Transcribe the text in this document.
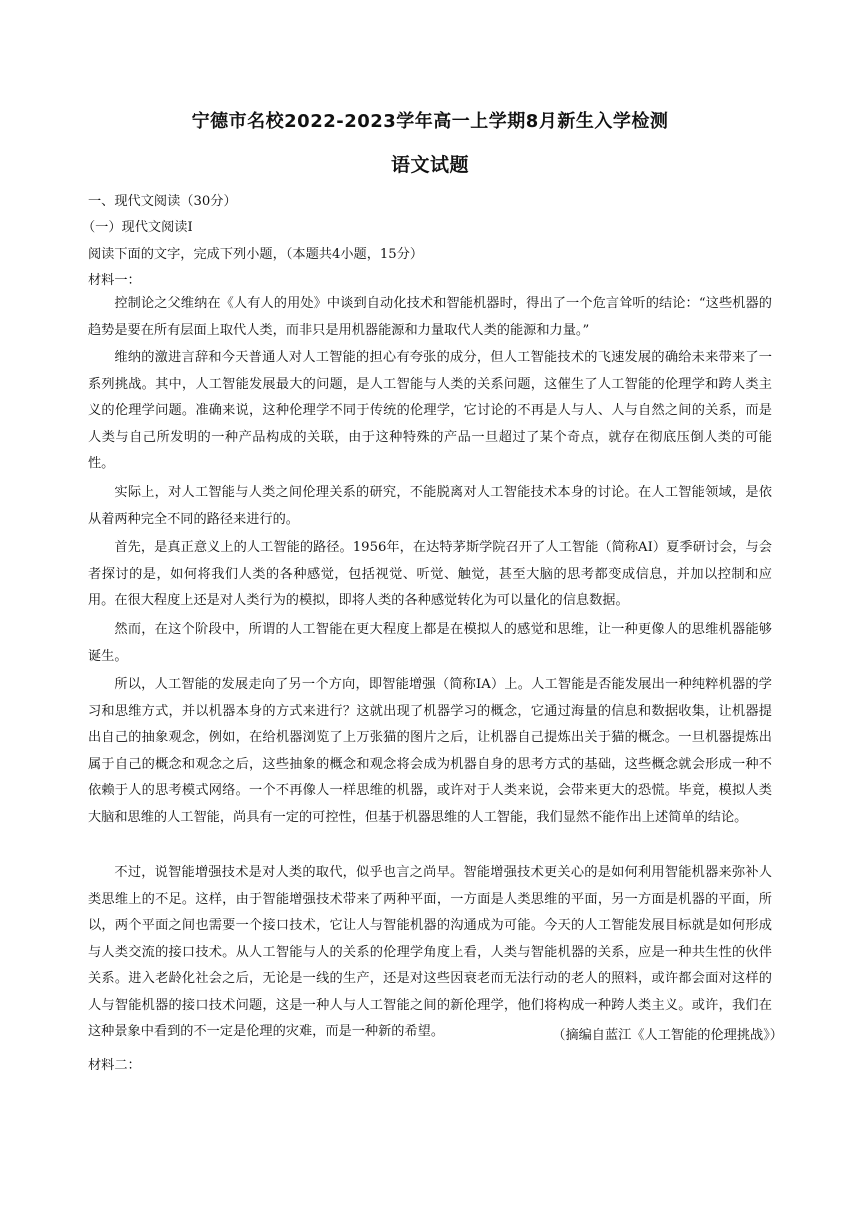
宁德市名校2022-2023学年高一上学期8月新生入学检测
语文试题
一、现代文阅读（30分）
（一）现代文阅读Ⅰ
阅读下面的文字，完成下列小题，（本题共4小题，15分）
材料一：

控制论之父维纳在《人有人的用处》中谈到自动化技术和智能机器时，得出了一个危言耸听的结论：“这些机器的趋势是要在所有层面上取代人类，而非只是用机器能源和力量取代人类的能源和力量。”

维纳的激进言辞和今天普通人对人工智能的担心有夸张的成分，但人工智能技术的飞速发展的确给未来带来了一系列挑战。其中，人工智能发展最大的问题，是人工智能与人类的关系问题，这催生了人工智能的伦理学和跨人类主义的伦理学问题。准确来说，这种伦理学不同于传统的伦理学，它讨论的不再是人与人、人与自然之间的关系，而是人类与自己所发明的一种产品构成的关联，由于这种特殊的产品一旦超过了某个奇点，就存在彻底压倒人类的可能性。

实际上，对人工智能与人类之间伦理关系的研究，不能脱离对人工智能技术本身的讨论。在人工智能领域，是依从着两种完全不同的路径来进行的。

首先，是真正意义上的人工智能的路径。1956年，在达特茅斯学院召开了人工智能（简称AI）夏季研讨会，与会者探讨的是，如何将我们人类的各种感觉，包括视觉、听觉、触觉，甚至大脑的思考都变成信息，并加以控制和应用。在很大程度上还是对人类行为的模拟，即将人类的各种感觉转化为可以量化的信息数据。

然而，在这个阶段中，所谓的人工智能在更大程度上都是在模拟人的感觉和思维，让一种更像人的思维机器能够诞生。

所以，人工智能的发展走向了另一个方向，即智能增强（简称IA）上。人工智能是否能发展出一种纯粹机器的学习和思维方式，并以机器本身的方式来进行？这就出现了机器学习的概念，它通过海量的信息和数据收集，让机器提出自己的抽象观念，例如，在给机器浏览了上万张猫的图片之后，让机器自己提炼出关于猫的概念。一旦机器提炼出属于自己的概念和观念之后，这些抽象的概念和观念将会成为机器自身的思考方式的基础，这些概念就会形成一种不依赖于人的思考模式网络。一个不再像人一样思维的机器，或许对于人类来说，会带来更大的恐慌。毕竟，模拟人类大脑和思维的人工智能，尚具有一定的可控性，但基于机器思维的人工智能，我们显然不能作出上述简单的结论。

不过，说智能增强技术是对人类的取代，似乎也言之尚早。智能增强技术更关心的是如何利用智能机器来弥补人类思维上的不足。这样，由于智能增强技术带来了两种平面，一方面是人类思维的平面，另一方面是机器的平面，所以，两个平面之间也需要一个接口技术，它让人与智能机器的沟通成为可能。今天的人工智能发展目标就是如何形成与人类交流的接口技术。从人工智能与人的关系的伦理学角度上看，人类与智能机器的关系，应是一种共生性的伙伴关系。进入老龄化社会之后，无论是一线的生产，还是对这些因衰老而无法行动的老人的照料，或许都会面对这样的人与智能机器的接口技术问题，这是一种人与人工智能之间的新伦理学，他们将构成一种跨人类主义。或许，我们在这种景象中看到的不一定是伦理的灾难，而是一种新的希望。	（摘编自蓝江《人工智能的伦理挑战》）
材料二：
